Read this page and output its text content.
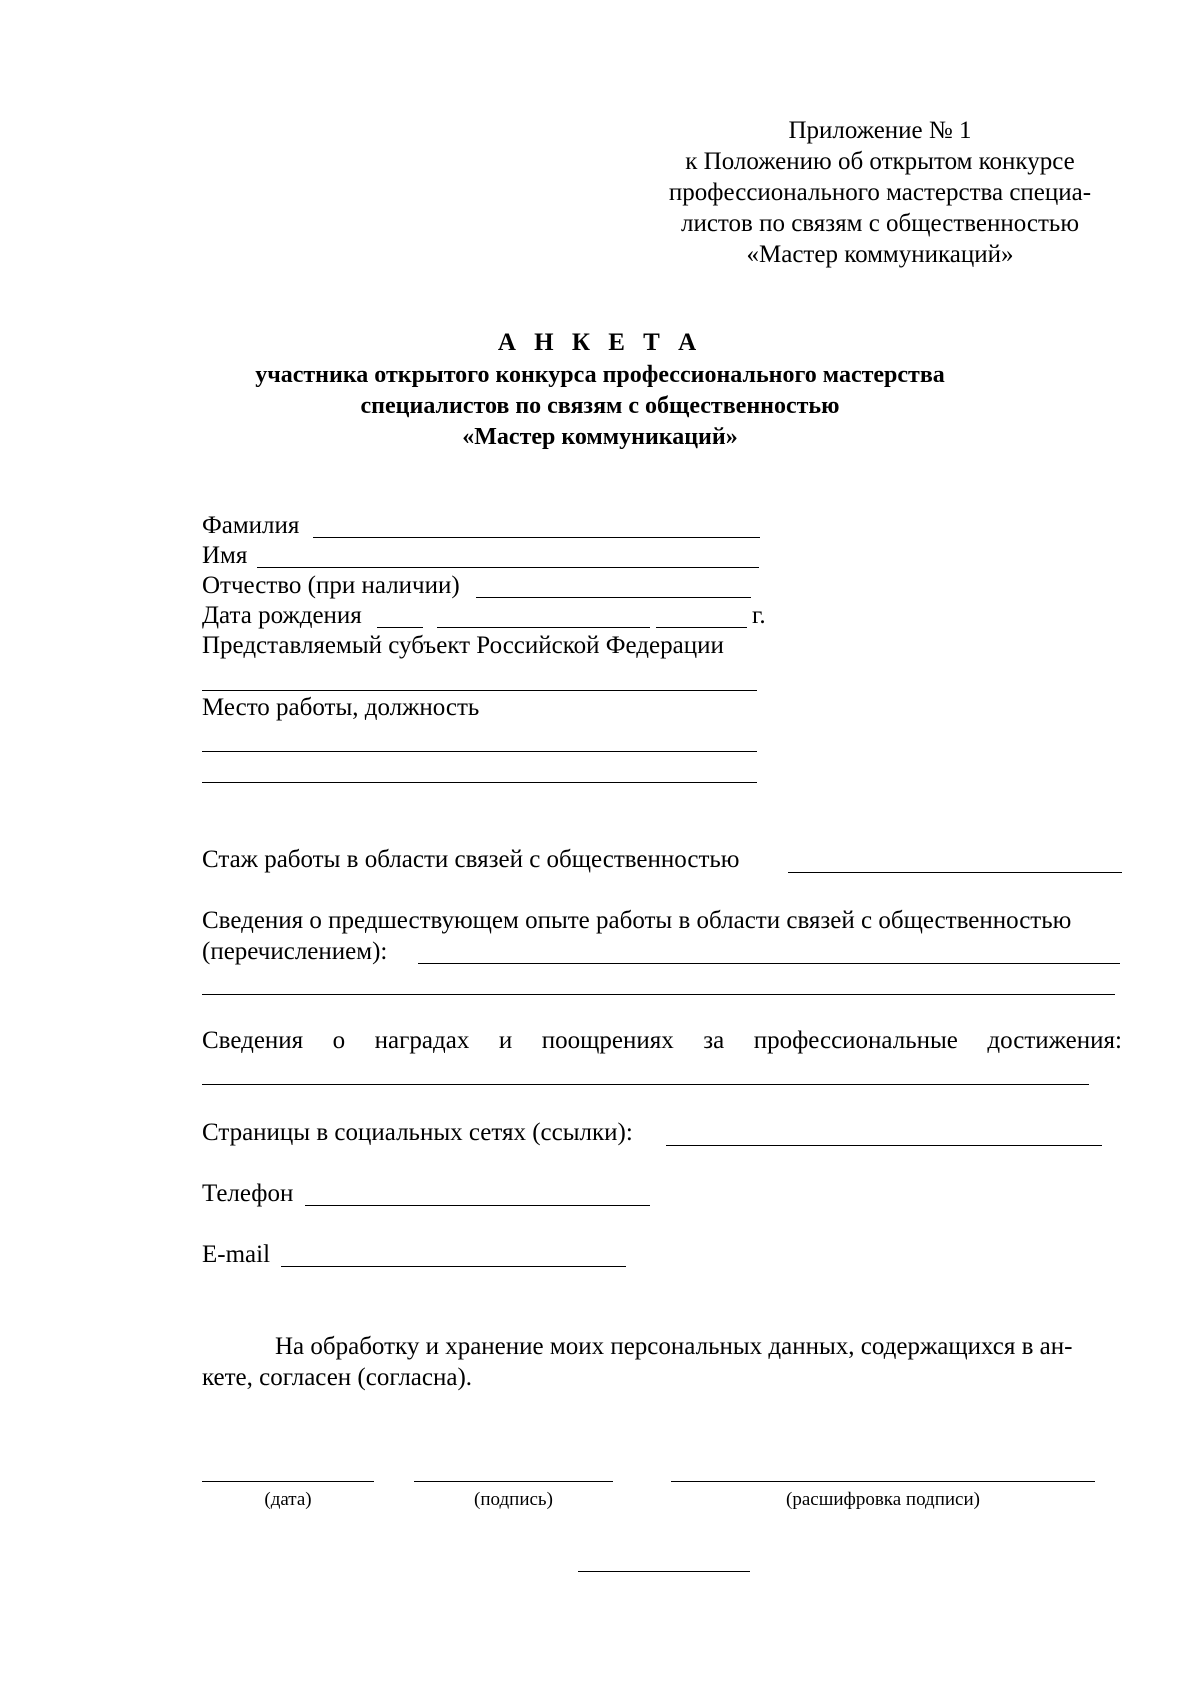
Приложение № 1
к Положению об открытом конкурсе
профессионального мастерства специа-
листов по связям с общественностью
«Мастер коммуникаций»
А Н К Е Т А
участника открытого конкурса профессионального мастерства
специалистов по связям с общественностью
«Мастер коммуникаций»
Фамилия
Имя
Отчество (при наличии)
Дата рождения	г.
Представляемый субъект Российской Федерации
Место работы, должность
Стаж работы в области связей с общественностью
Сведения о предшествующем опыте работы в области связей с общественностью
(перечислением):
Сведения о наградах и поощрениях за профессиональные достижения:
Страницы в социальных сетях (ссылки):
Телефон
E-mail
На обработку и хранение моих персональных данных, содержащихся в ан-
кете, согласен (согласна).
(дата)	(подпись)	(расшифровка подписи)
